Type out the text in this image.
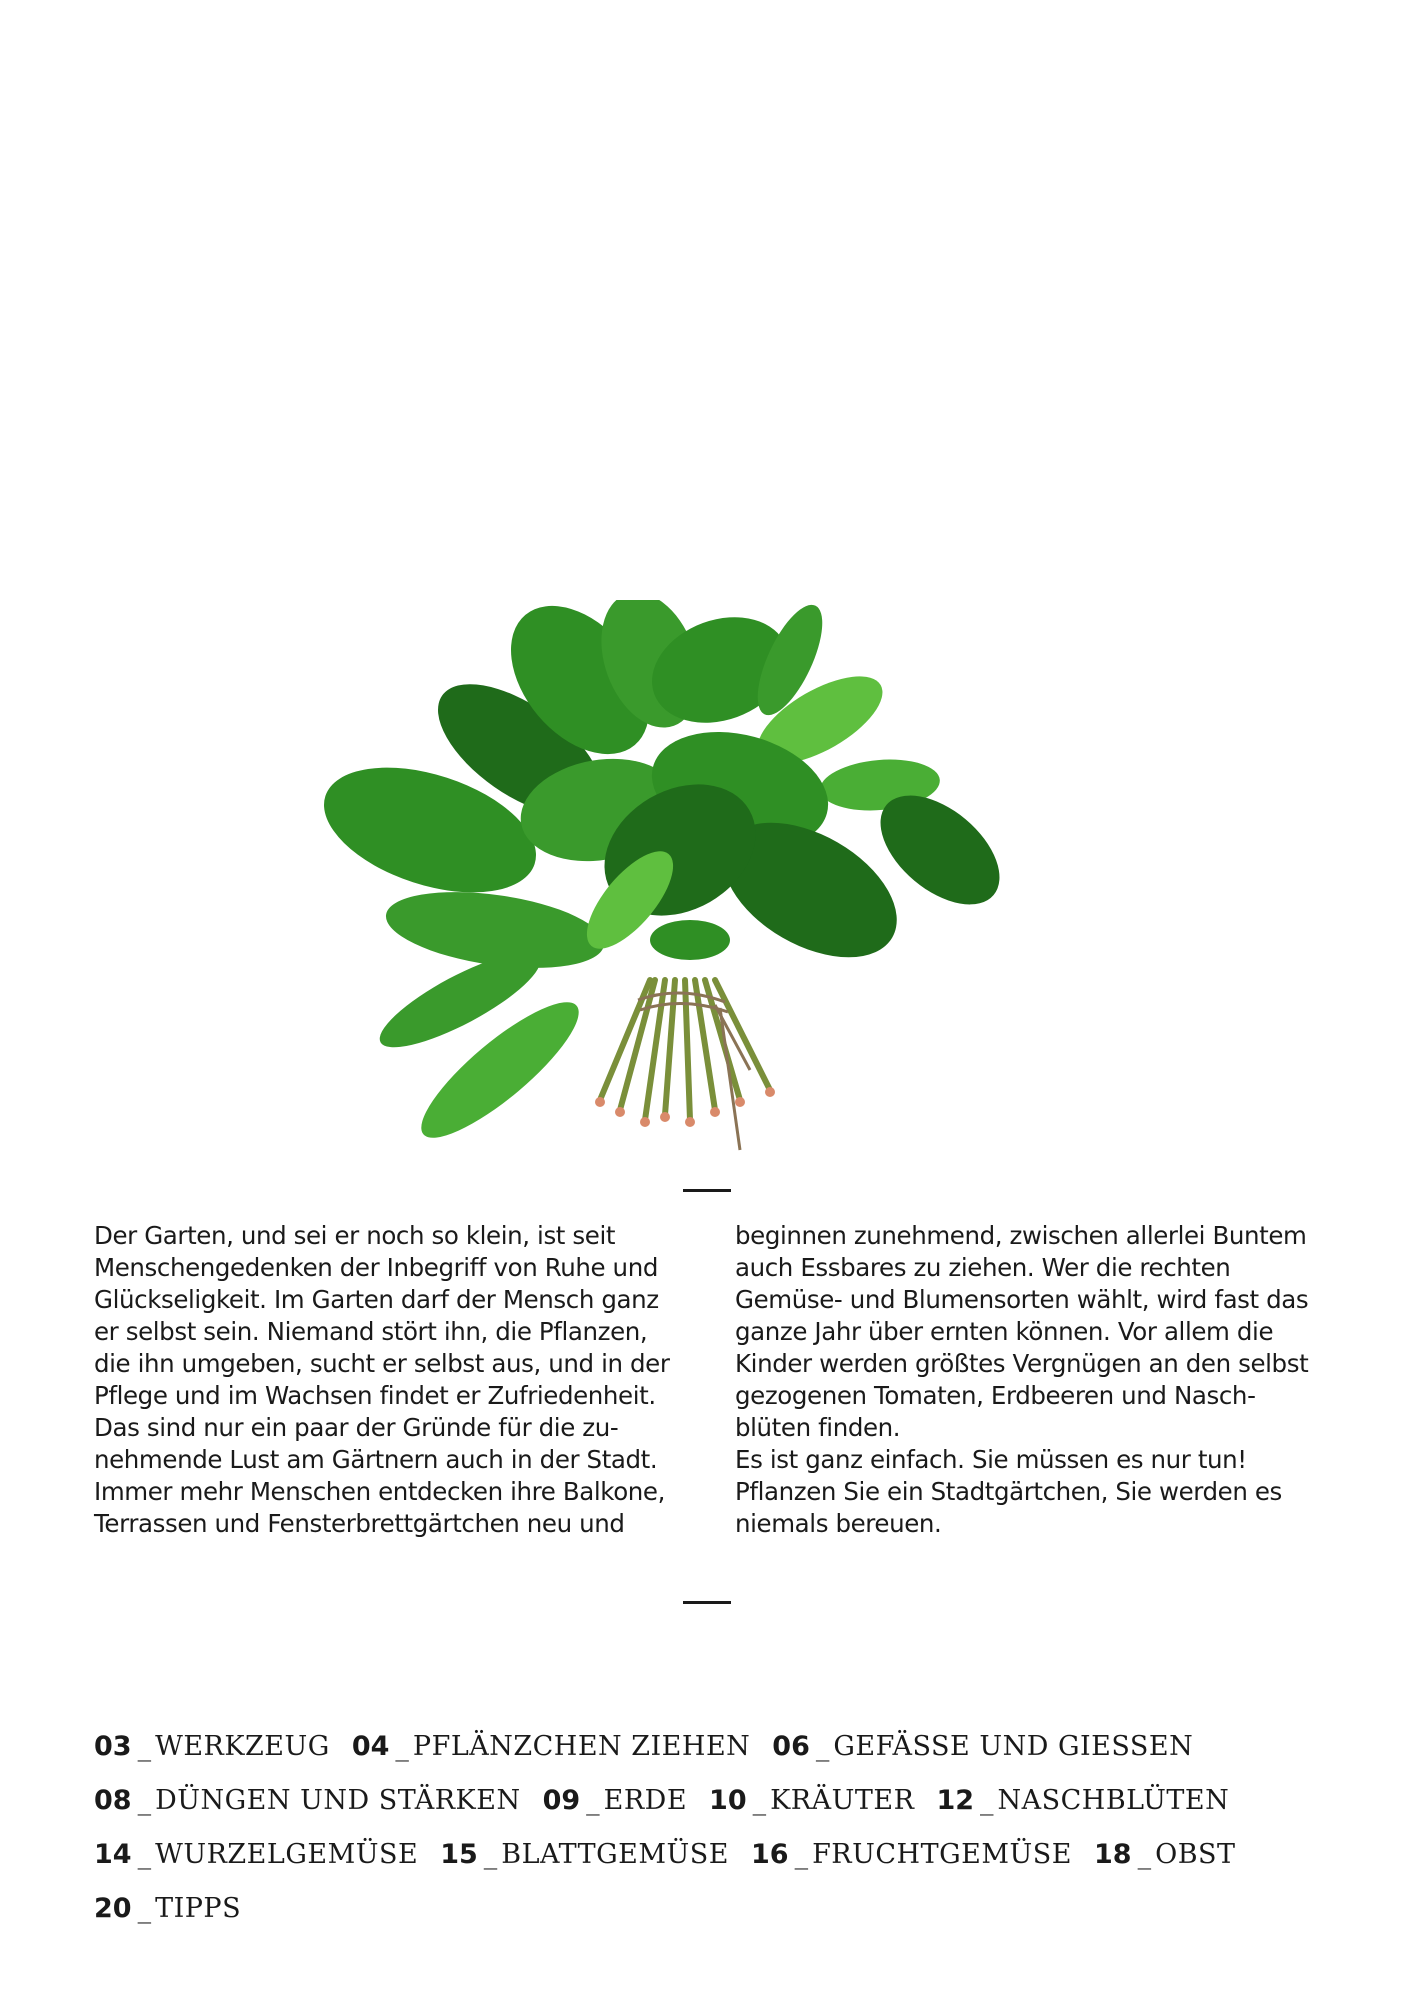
Der Garten, und sei er noch so klein, ist seit
Menschengedenken der Inbegriff von Ruhe und
Glückseligkeit. Im Garten darf der Mensch ganz
er selbst sein. Niemand stört ihn, die Pflanzen,
die ihn umgeben, sucht er selbst aus, und in der
Pflege und im Wachsen findet er Zufriedenheit.
Das sind nur ein paar der Gründe für die zu-
nehmende Lust am Gärtnern auch in der Stadt.
Immer mehr Menschen entdecken ihre Balkone,
Terrassen und Fensterbrettgärtchen neu und
beginnen zunehmend, zwischen allerlei Buntem
auch Essbares zu ziehen. Wer die rechten
Gemüse- und Blumensorten wählt, wird fast das
ganze Jahr über ernten können. Vor allem die
Kinder werden größtes Vergnügen an den selbst
gezogenen Tomaten, Erdbeeren und Nasch-
blüten finden.
Es ist ganz einfach. Sie müssen es nur tun!
Pflanzen Sie ein Stadtgärtchen, Sie werden es
niemals bereuen.
03 _ WERKZEUG 04 _ PFLÄNZCHEN ZIEHEN 06 _ GEFÄSSE UND GIESSEN
08 _ DÜNGEN UND STÄRKEN 09 _ ERDE 10 _ KRÄUTER 12 _ NASCHBLÜTEN
14 _ WURZELGEMÜSE 15 _ BLATTGEMÜSE 16 _ FRUCHTGEMÜSE 18 _ OBST
20 _ TIPPS
